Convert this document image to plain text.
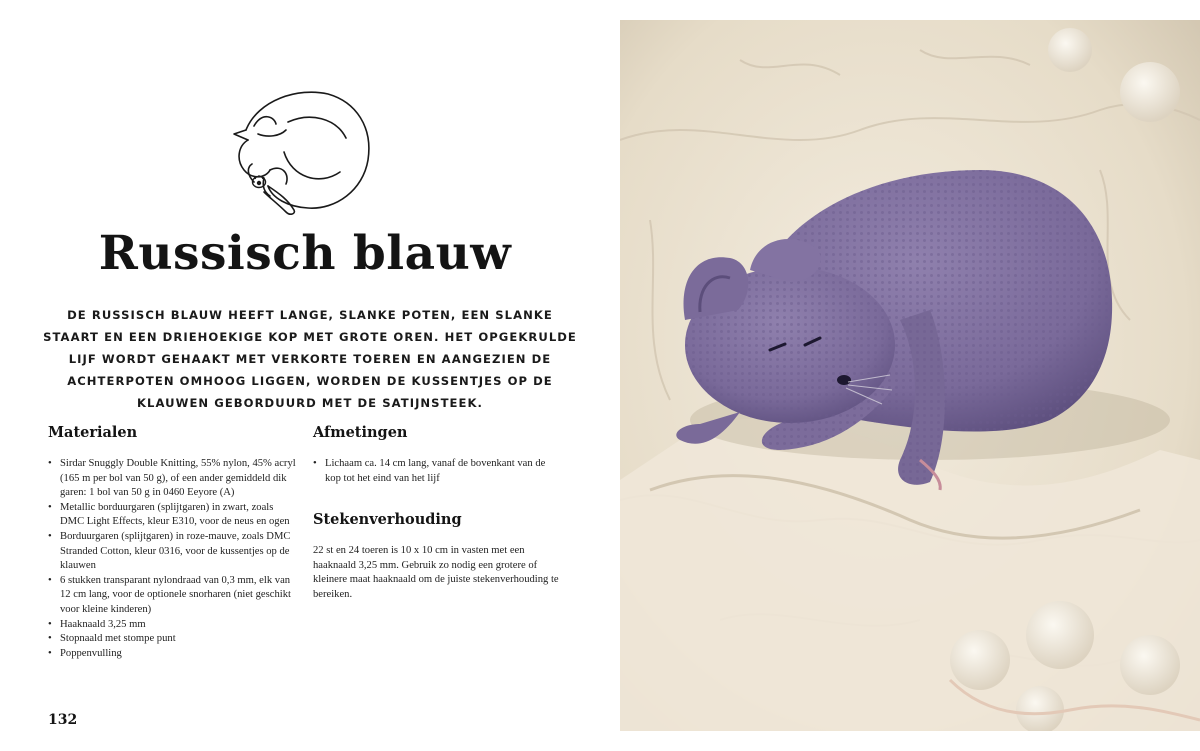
Russisch blauw

DE RUSSISCH BLAUW HEEFT LANGE, SLANKE POTEN, EEN SLANKE STAART EN EEN DRIEHOEKIGE KOP MET GROTE OREN. HET OPGEKRULDE LIJF WORDT GEHAAKT MET VERKORTE TOEREN EN AANGEZIEN DE ACHTERPOTEN OMHOOG LIGGEN, WORDEN DE KUSSENTJES OP DE KLAUWEN GEBORDUURD MET DE SATIJNSTEEK.

Materialen
• Sirdar Snuggly Double Knitting, 55% nylon, 45% acryl (165 m per bol van 50 g), of een ander gemiddeld dik garen: 1 bol van 50 g in 0460 Eeyore (A)
• Metallic borduurgaren (splijtgaren) in zwart, zoals DMC Light Effects, kleur E310, voor de neus en ogen
• Borduurgaren (splijtgaren) in roze-mauve, zoals DMC Stranded Cotton, kleur 0316, voor de kussentjes op de klauwen
• 6 stukken transparant nylondraad van 0,3 mm, elk van 12 cm lang, voor de optionele snorharen (niet geschikt voor kleine kinderen)
• Haaknaald 3,25 mm
• Stopnaald met stompe punt
• Poppenvulling
Afmetingen
• Lichaam ca. 14 cm lang, vanaf de bovenkant van de kop tot het eind van het lijf
Stekenverhouding

22 st en 24 toeren is 10 x 10 cm in vasten met een haaknaald 3,25 mm. Gebruik zo nodig een grotere of kleinere maat haaknaald om de juiste stekenverhouding te bereiken.

132
